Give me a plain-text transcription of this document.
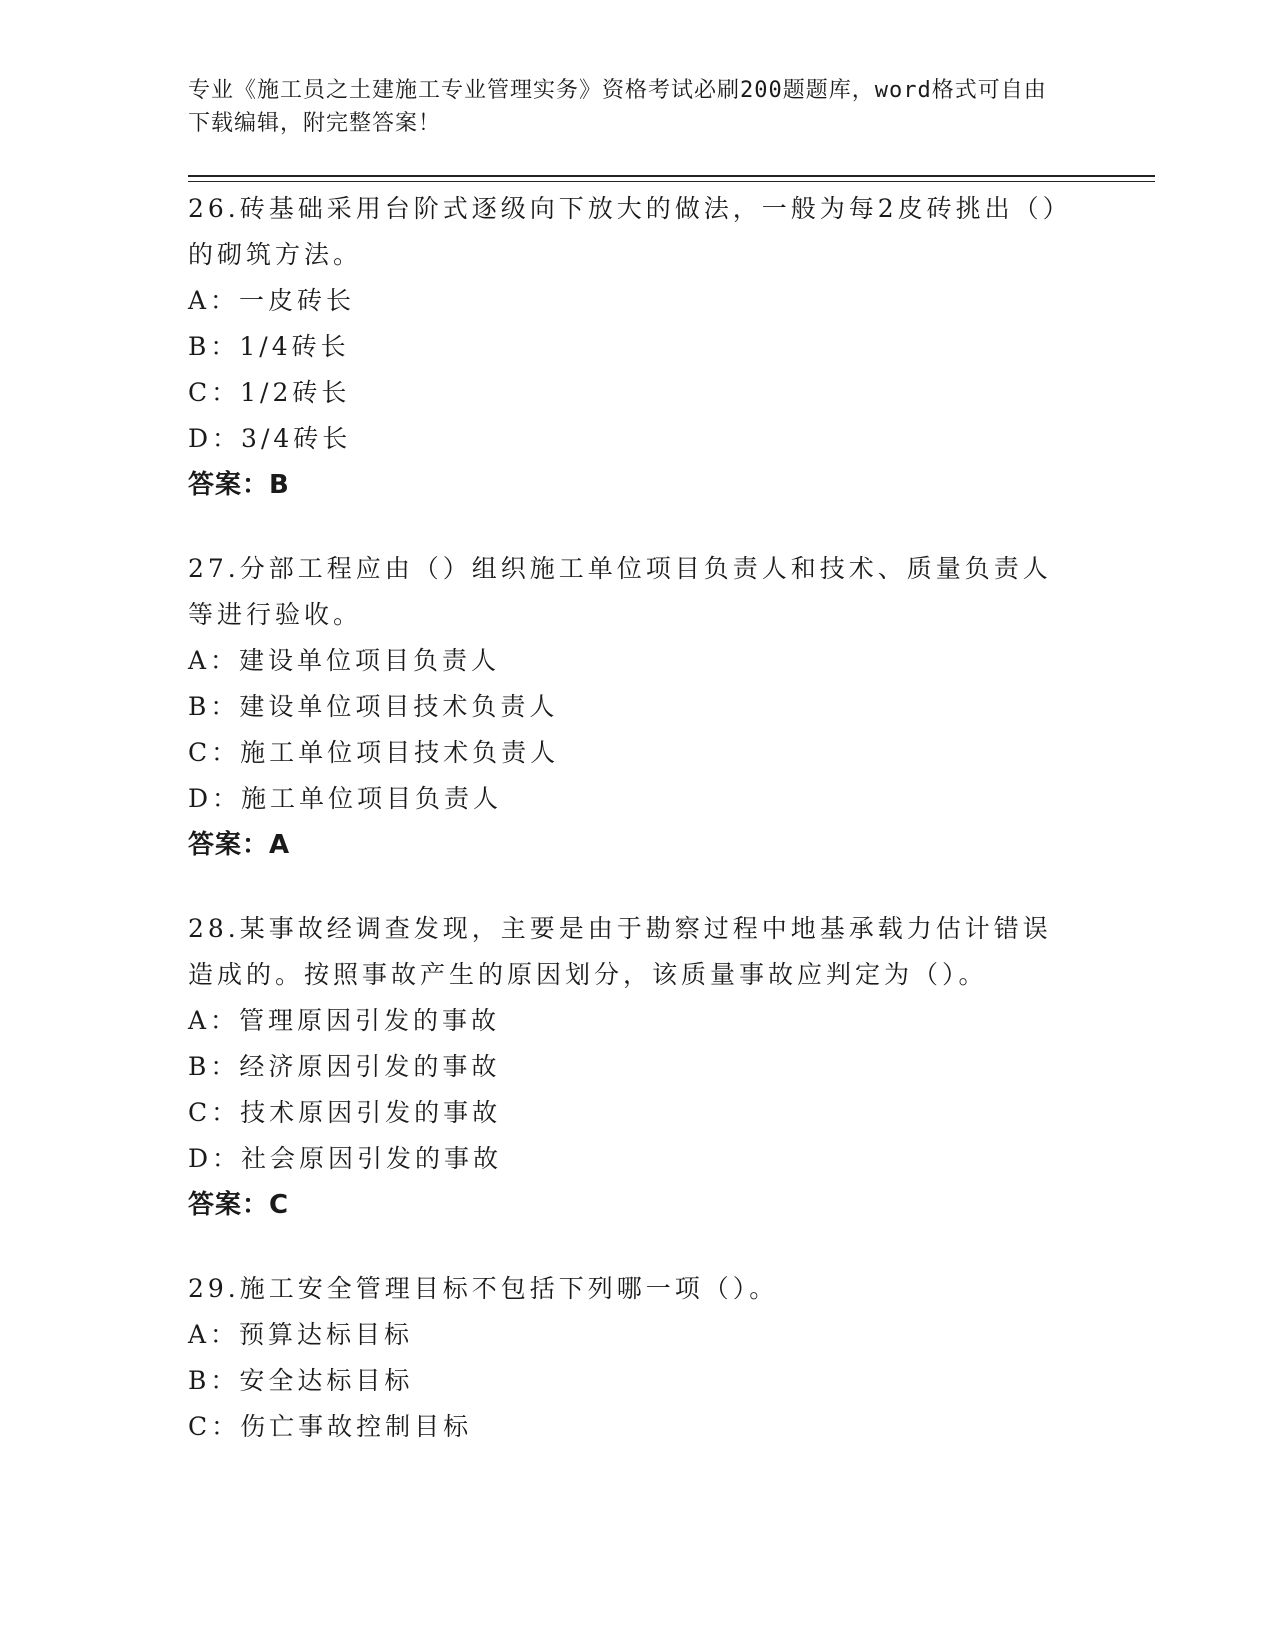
专业《施工员之土建施工专业管理实务》资格考试必刷200题题库，word格式可自由下载编辑，附完整答案！
26.砖基础采用台阶式逐级向下放大的做法，一般为每2皮砖挑出（）的砌筑方法。
A：一皮砖长
B：1/4砖长
C：1/2砖长
D：3/4砖长
答案：B
27.分部工程应由（）组织施工单位项目负责人和技术、质量负责人等进行验收。
A：建设单位项目负责人
B：建设单位项目技术负责人
C：施工单位项目技术负责人
D：施工单位项目负责人
答案：A
28.某事故经调查发现，主要是由于勘察过程中地基承载力估计错误造成的。按照事故产生的原因划分，该质量事故应判定为（）。
A：管理原因引发的事故
B：经济原因引发的事故
C：技术原因引发的事故
D：社会原因引发的事故
答案：C
29.施工安全管理目标不包括下列哪一项（）。
A：预算达标目标
B：安全达标目标
C：伤亡事故控制目标
